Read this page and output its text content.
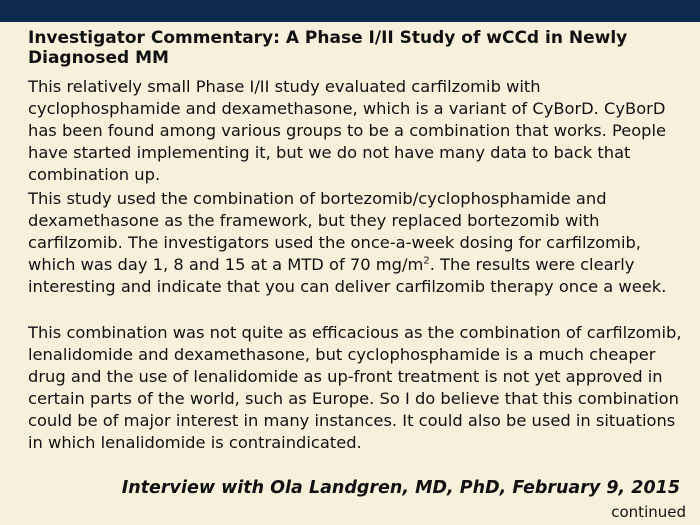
Investigator Commentary: A Phase I/II Study of wCCd in Newly Diagnosed MM

This relatively small Phase I/II study evaluated carfilzomib with cyclophosphamide and dexamethasone, which is a variant of CyBorD. CyBorD has been found among various groups to be a combination that works. People have started implementing it, but we do not have many data to back that combination up.

This study used the combination of bortezomib/cyclophosphamide and dexamethasone as the framework, but they replaced bortezomib with carfilzomib. The investigators used the once-a-week dosing for carfilzomib, which was day 1, 8 and 15 at a MTD of 70 $mg/m^2$. The results were clearly interesting and indicate that you can deliver carfilzomib therapy once a week.

This combination was not quite as efficacious as the combination of carfilzomib, lenalidomide and dexamethasone, but cyclophosphamide is a much cheaper drug and the use of lenalidomide as up-front treatment is not yet approved in certain parts of the world, such as Europe. So I do believe that this combination could be of major interest in many instances. It could also be used in situations in which lenalidomide is contraindicated.

Interview with Ola Landgren, MD, PhD, February 9, 2015

continued
